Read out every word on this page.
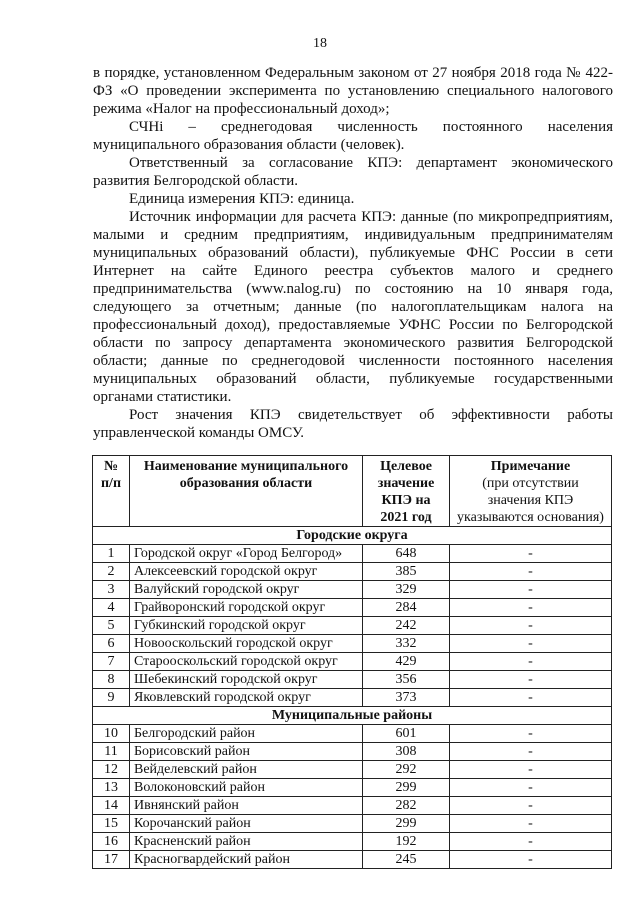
18

в порядке, установленном Федеральным законом от 27 ноября 2018 года № 422-ФЗ «О проведении эксперимента по установлению специального налогового режима «Налог на профессиональный доход»;

СЧНi – среднегодовая численность постоянного населения муниципального образования области (человек).

Ответственный за согласование КПЭ: департамент экономического развития Белгородской области.

Единица измерения КПЭ: единица.

Источник информации для расчета КПЭ: данные (по микропредприятиям, малыми и средним предприятиям, индивидуальным предпринимателям муниципальных образований области), публикуемые ФНС России в сети Интернет на сайте Единого реестра субъектов малого и среднего предпринимательства (www.nalog.ru) по состоянию на 10 января года, следующего за отчетным; данные (по налогоплательщикам налога на профессиональный доход), предоставляемые УФНС России по Белгородской области по запросу департамента экономического развития Белгородской области; данные по среднегодовой численности постоянного населения муниципальных образований области, публикуемые государственными органами статистики.

Рост значения КПЭ свидетельствует об эффективности работы управленческой команды ОМСУ.

№ п/п	Наименование муниципального образования области	Целевое значение КПЭ на 2021 год	Примечание
(при отсутствии значения КПЭ указываются основания)

Городские округа			
1	Городской округ «Город Белгород»	648	-
2	Алексеевский городской округ	385	-
3	Валуйский городской округ	329	-
4	Грайворонский городской округ	284	-
5	Губкинский городской округ	242	-
6	Новооскольский городской округ	332	-
7	Старооскольский городской округ	429	-
8	Шебекинский городской округ	356	-
9	Яковлевский городской округ	373	-
Муниципальные районы			
10	Белгородский район	601	-
11	Борисовский район	308	-
12	Вейделевский район	292	-
13	Волоконовский район	299	-
14	Ивнянский район	282	-
15	Корочанский район	299	-
16	Красненский район	192	-
17	Красногвардейский район	245	-
